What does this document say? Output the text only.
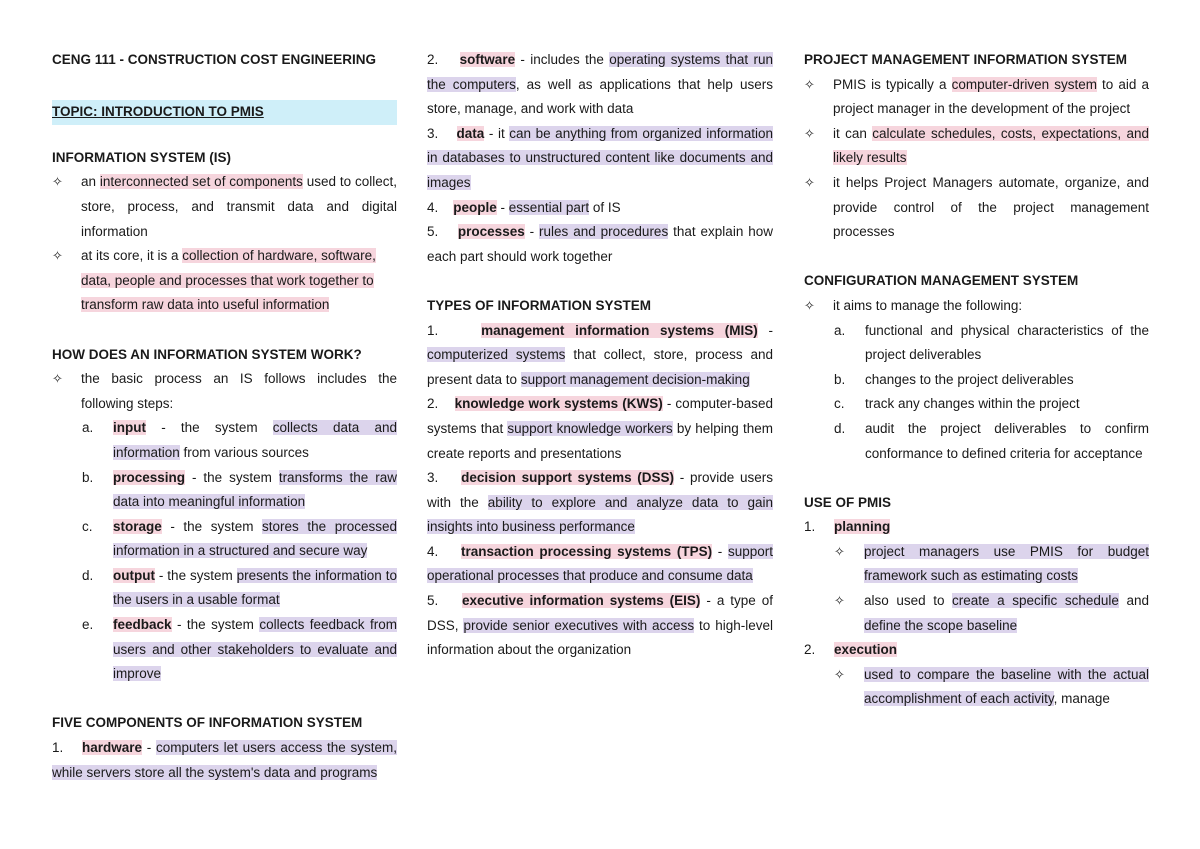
CENG 111 - CONSTRUCTION COST ENGINEERING

TOPIC: INTRODUCTION TO PMIS

INFORMATION SYSTEM (IS)

✧	an interconnected set of components used to collect, store, process, and transmit data and digital information
✧	at its core, it is a collection of hardware, software, data, people and processes that work together to transform raw data into useful information

HOW DOES AN INFORMATION SYSTEM WORK?

✧	the basic process an IS follows includes the following steps:
a.	input - the system collects data and information from various sources
b.	processing - the system transforms the raw data into meaningful information
c.	storage - the system stores the processed information in a structured and secure way
d.	output - the system presents the information to the users in a usable format
e.	feedback - the system collects feedback from users and other stakeholders to evaluate and improve

FIVE COMPONENTS OF INFORMATION SYSTEM

1. hardware - computers let users access the system, while servers store all the system's data and programs

2. software - includes the operating systems that run the computers, as well as applications that help users store, manage, and work with data

3. data - it can be anything from organized information in databases to unstructured content like documents and images

4. people - essential part of IS

5. processes - rules and procedures that explain how each part should work together

TYPES OF INFORMATION SYSTEM

1.	management information systems (MIS) - computerized systems that collect, store, process and present data to support management decision-making

2. knowledge work systems (KWS) - computer-based systems that support knowledge workers by helping them create reports and presentations

3. decision support systems (DSS) - provide users with the ability to explore and analyze data to gain insights into business performance

4. transaction processing systems (TPS) - support operational processes that produce and consume data

5. executive information systems (EIS) - a type of DSS, provide senior executives with access to high-level information about the organization

PROJECT MANAGEMENT INFORMATION SYSTEM

✧	PMIS is typically a computer-driven system to aid a project manager in the development of the project
✧	it can calculate schedules, costs, expectations, and likely results
✧	it helps Project Managers automate, organize, and provide control of the project management processes

CONFIGURATION MANAGEMENT SYSTEM

✧	it aims to manage the following:
a.	functional and physical characteristics of the project deliverables
b.	changes to the project deliverables
c.	track any changes within the project
d.	audit the project deliverables to confirm conformance to defined criteria for acceptance

USE OF PMIS

1.	planning
✧	project managers use PMIS for budget framework such as estimating costs
✧	also used to create a specific schedule and define the scope baseline
2.	execution
✧	used to compare the baseline with the actual accomplishment of each activity, manage
